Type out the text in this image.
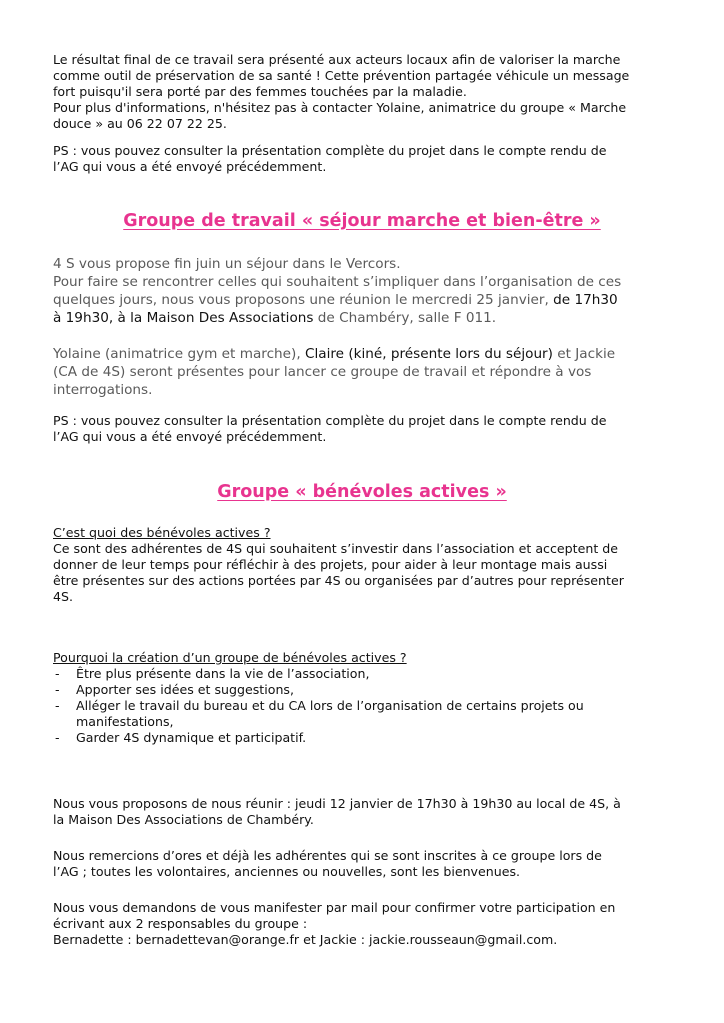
Le résultat final de ce travail sera présenté aux acteurs locaux afin de valoriser la marche

comme outil de préservation de sa santé ! Cette prévention partagée véhicule un message

fort puisqu'il sera porté par des femmes touchées par la maladie.

Pour plus d'informations, n'hésitez pas à contacter Yolaine, animatrice du groupe « Marche

douce » au 06 22 07 22 25.

PS : vous pouvez consulter la présentation complète du projet dans le compte rendu de

l’AG qui vous a été envoyé précédemment.

Groupe de travail « séjour marche et bien-être »

4 S vous propose fin juin un séjour dans le Vercors.

Pour faire se rencontrer celles qui souhaitent s’impliquer dans l’organisation de ces

quelques jours, nous vous proposons une réunion le mercredi 25 janvier, de 17h30

à 19h30, à la Maison Des Associations de Chambéry, salle F 011.

Yolaine (animatrice gym et marche), Claire (kiné, présente lors du séjour) et Jackie

(CA de 4S) seront présentes pour lancer ce groupe de travail et répondre à vos

interrogations.

PS : vous pouvez consulter la présentation complète du projet dans le compte rendu de

l’AG qui vous a été envoyé précédemment.

Groupe « bénévoles actives »

C’est quoi des bénévoles actives ?

Ce sont des adhérentes de 4S qui souhaitent s’investir dans l’association et acceptent de

donner de leur temps pour réfléchir à des projets, pour aider à leur montage mais aussi

être présentes sur des actions portées par 4S ou organisées par d’autres pour représenter

4S.

Pourquoi la création d’un groupe de bénévoles actives ?

- Être plus présente dans la vie de l’association,
- Apporter ses idées et suggestions,
- Alléger le travail du bureau et du CA lors de l’organisation de certains projets ou manifestations,
- Garder 4S dynamique et participatif.

Nous vous proposons de nous réunir : jeudi 12 janvier de 17h30 à 19h30 au local de 4S, à

la Maison Des Associations de Chambéry.

Nous remercions d’ores et déjà les adhérentes qui se sont inscrites à ce groupe lors de

l’AG ; toutes les volontaires, anciennes ou nouvelles, sont les bienvenues.

Nous vous demandons de vous manifester par mail pour confirmer votre participation en

écrivant aux 2 responsables du groupe :

Bernadette : bernadettevan@orange.fr et Jackie : jackie.rousseaun@gmail.com.
